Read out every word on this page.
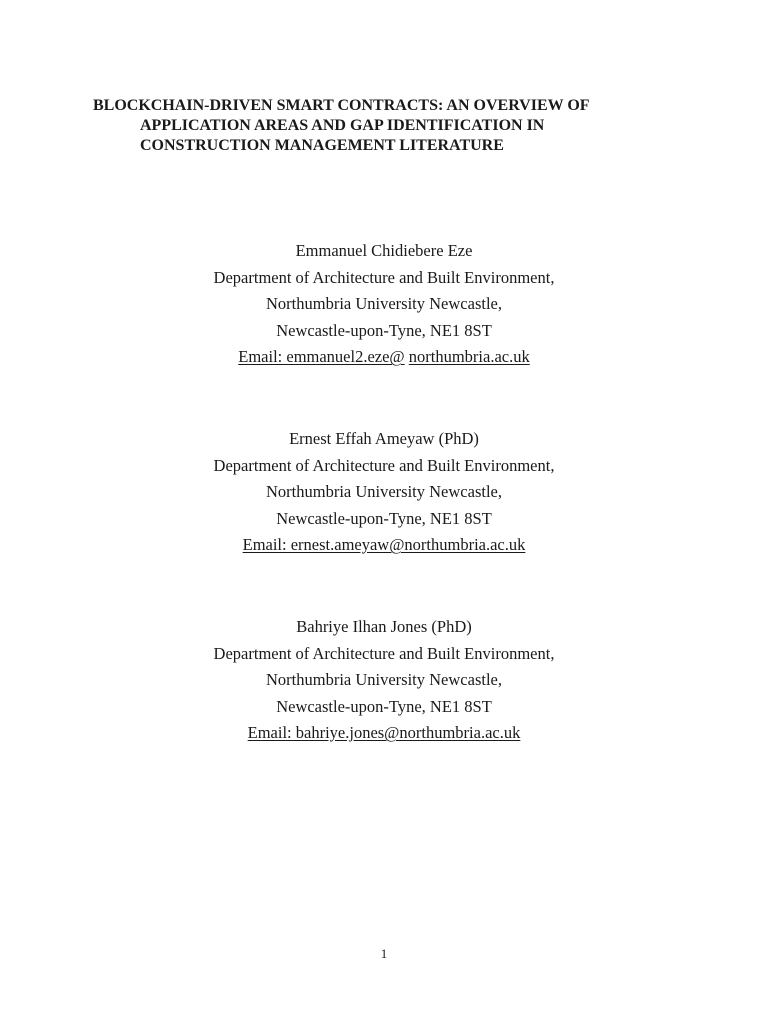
BLOCKCHAIN-DRIVEN SMART CONTRACTS: AN OVERVIEW OF
APPLICATION AREAS AND GAP IDENTIFICATION IN
CONSTRUCTION MANAGEMENT LITERATURE
Emmanuel Chidiebere Eze
Department of Architecture and Built Environment,
Northumbria University Newcastle,
Newcastle-upon-Tyne, NE1 8ST
Email: emmanuel2.eze@ northumbria.ac.uk
Ernest Effah Ameyaw (PhD)
Department of Architecture and Built Environment,
Northumbria University Newcastle,
Newcastle-upon-Tyne, NE1 8ST
Email: ernest.ameyaw@northumbria.ac.uk
Bahriye Ilhan Jones (PhD)
Department of Architecture and Built Environment,
Northumbria University Newcastle,
Newcastle-upon-Tyne, NE1 8ST
Email: bahriye.jones@northumbria.ac.uk
1
